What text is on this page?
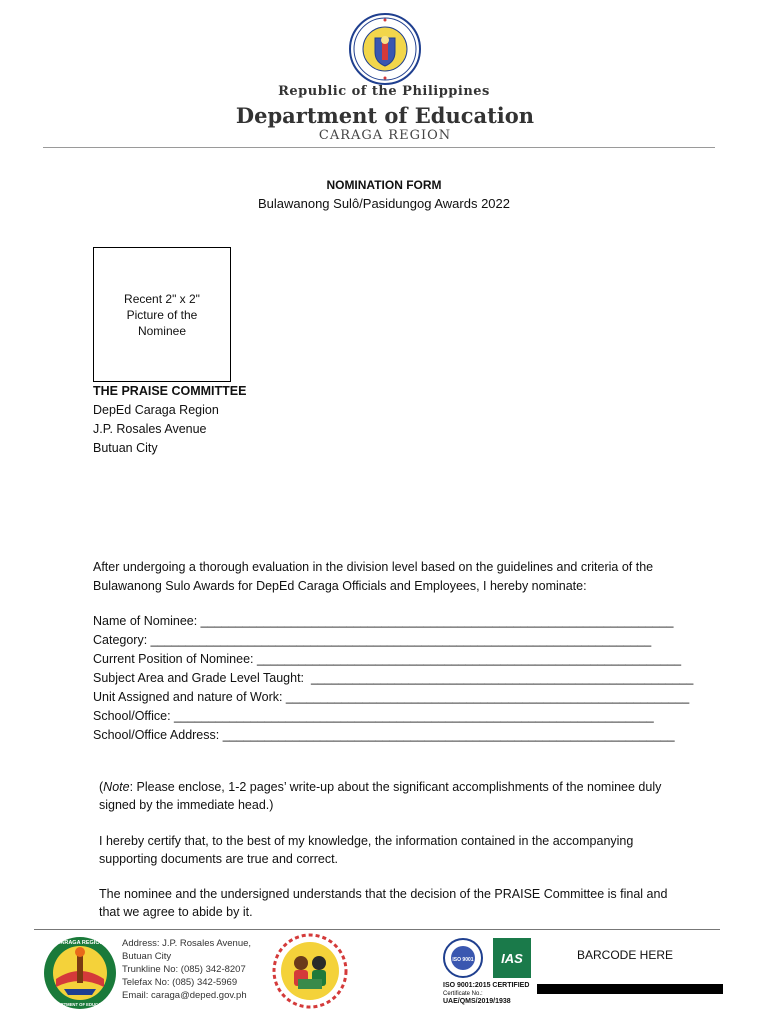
Republic of the Philippines
Department of Education
CARAGA REGION
NOMINATION FORM
Bulawanong Sulô/Pasidungog Awards 2022
Recent 2" x 2"
Picture of the
Nominee
THE PRAISE COMMITTEE
DepEd Caraga Region
J.P. Rosales Avenue
Butuan City
After undergoing a thorough evaluation in the division level based on the guidelines and criteria of the Bulawanong Sulo Awards for DepEd Caraga Officials and Employees, I hereby nominate:
Name of Nominee: ____________________________________________________________________
Category: ________________________________________________________________________
Current Position of Nominee: _____________________________________________________________
Subject Area and Grade Level Taught:  _______________________________________________________
Unit Assigned and nature of Work: __________________________________________________________
School/Office: _____________________________________________________________________
School/Office Address: _________________________________________________________________
(Note: Please enclose, 1-2 pages’ write-up about the significant accomplishments of the nominee duly signed by the immediate head.)
I hereby certify that, to the best of my knowledge, the information contained in the accompanying supporting documents are true and correct.
The nominee and the undersigned understands that the decision of the PRAISE Committee is final and that we agree to abide by it.
CARAGA REGION
DEPARTMENT OF EDUCATION
Address: J.P. Rosales Avenue,
Butuan City
Trunkline No: (085) 342-8207
Telefax No: (085) 342-5969
Email: caraga@deped.gov.ph
ISO 9001 IAS
ISO 9001:2015 CERTIFIED
Certificate No.:
UAE/QMS/2019/1938
BARCODE HERE
